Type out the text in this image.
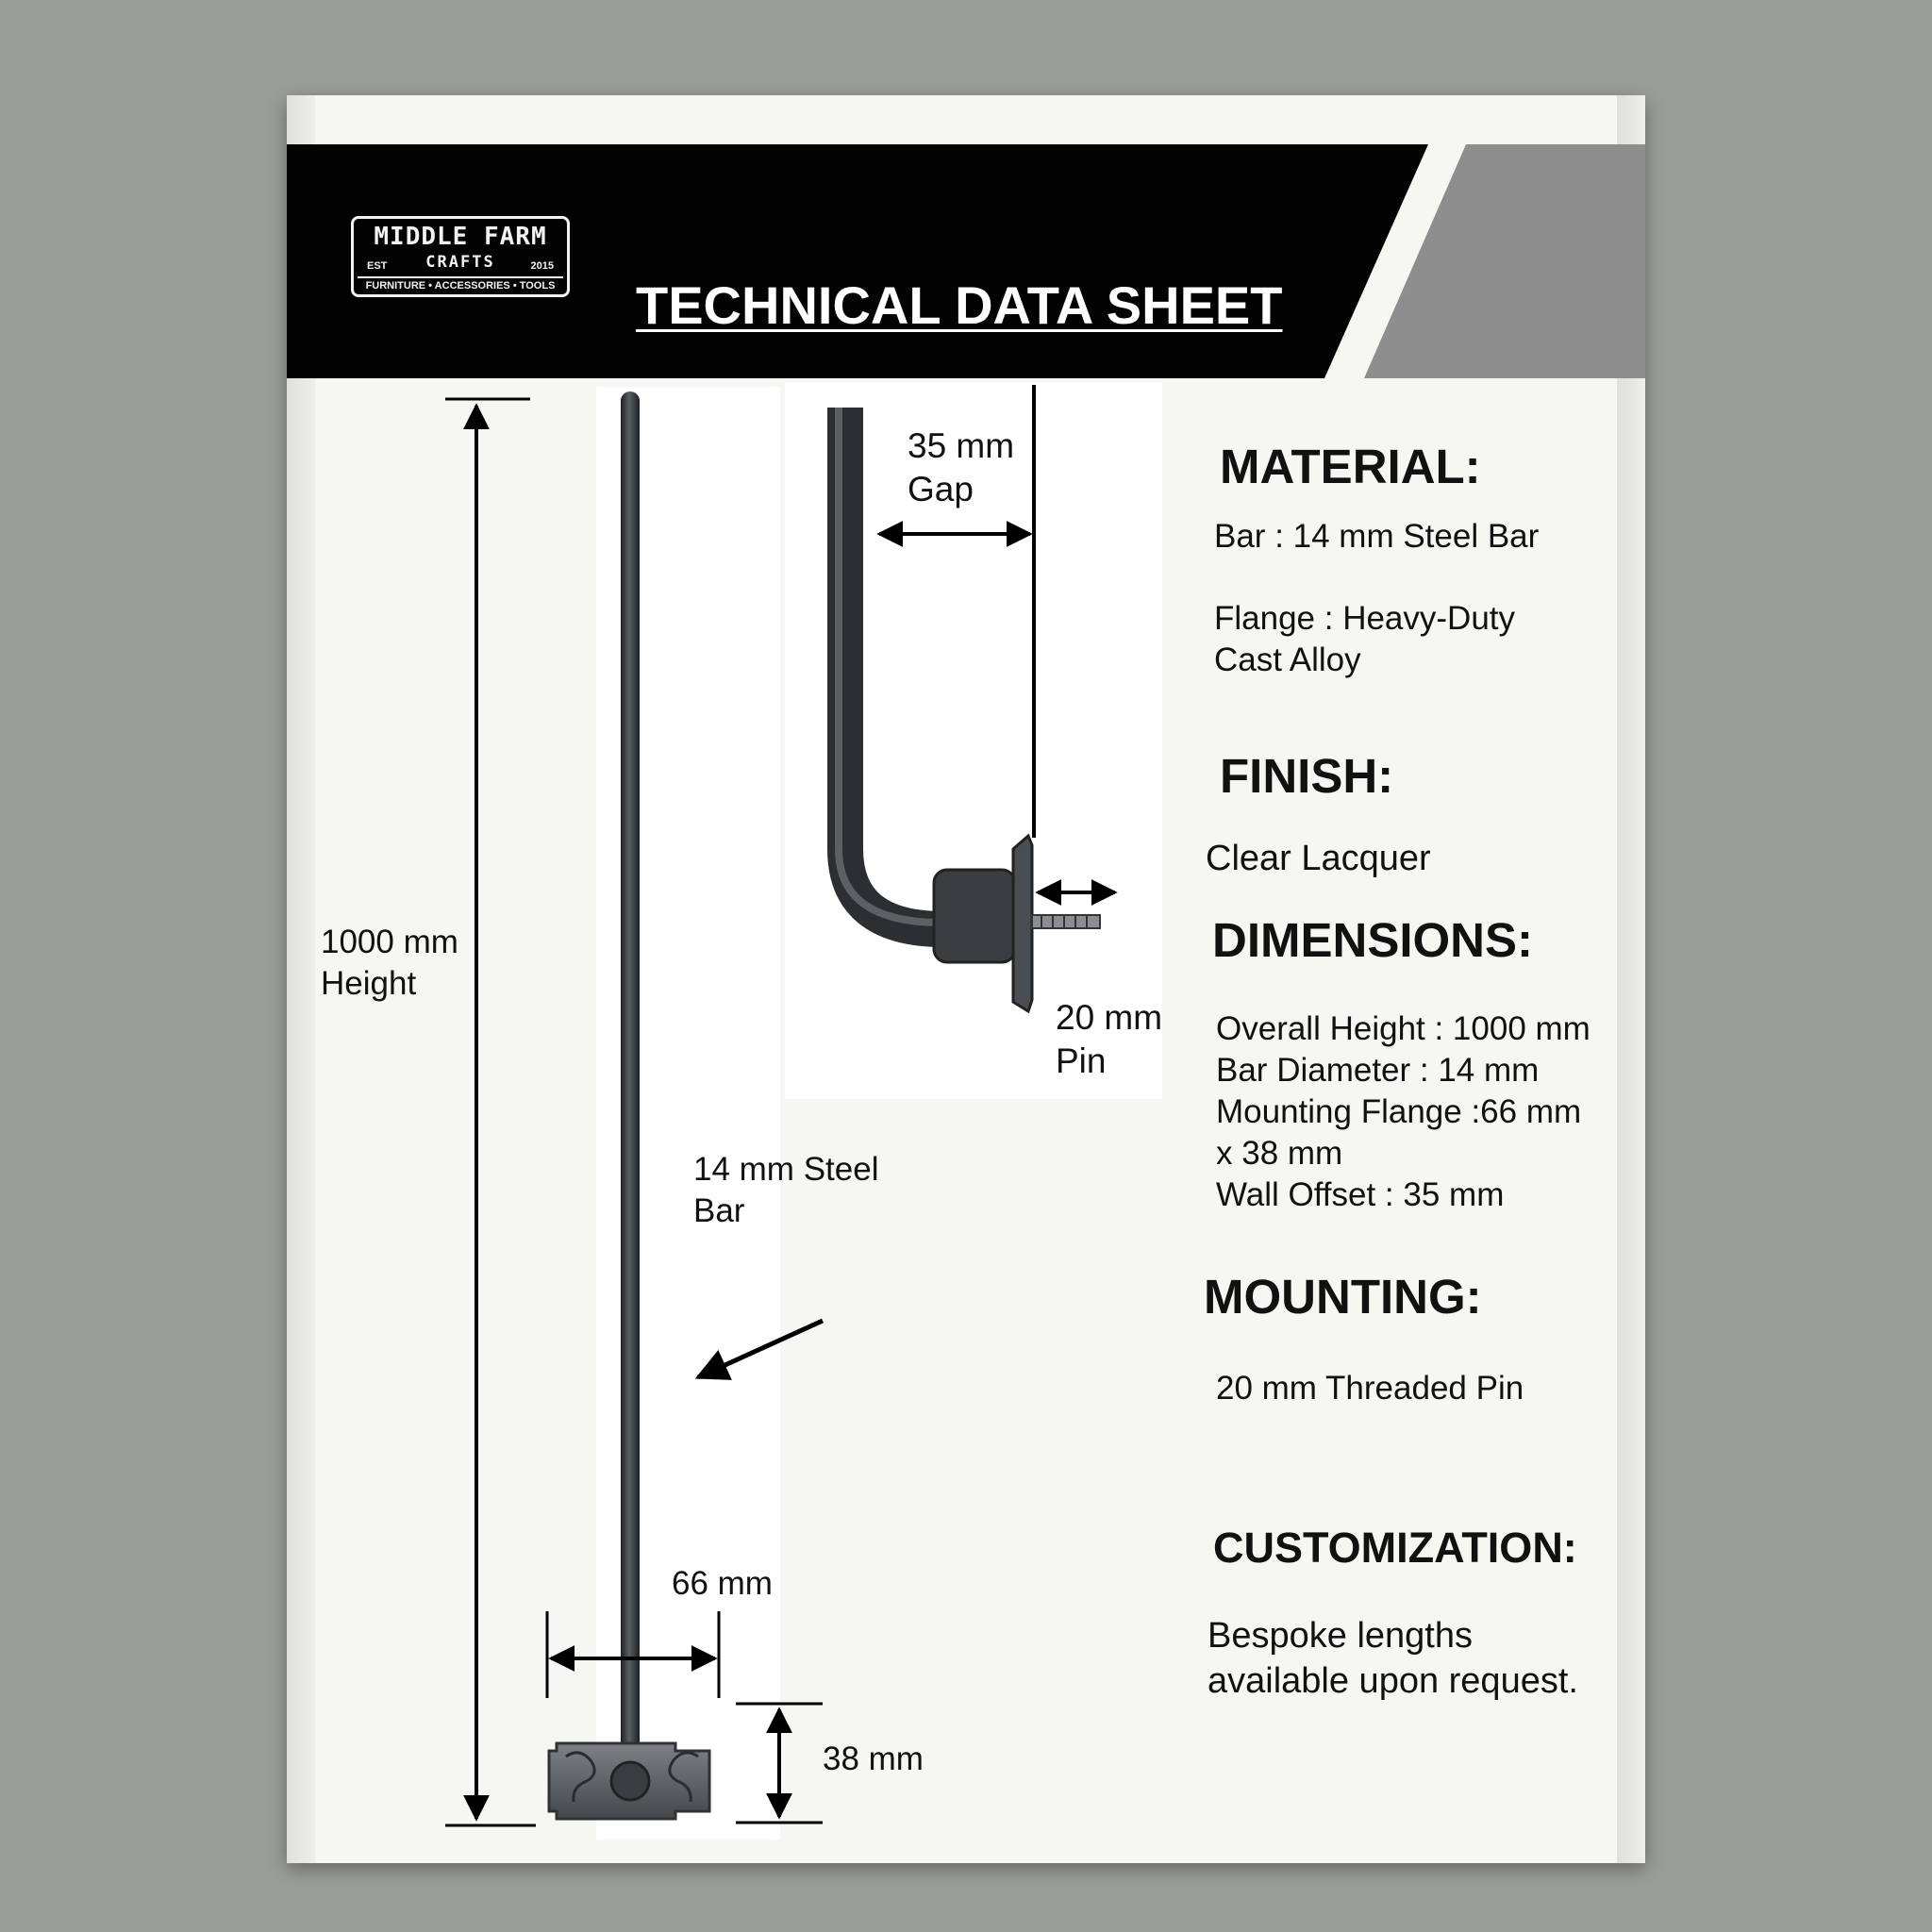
MIDDLE FARM
EST	CRAFTS	2015
FURNITURE • ACCESSORIES • TOOLS TECHNICAL DATA SHEET
1000 mm
Height
35 mm
Gap
20 mm
Pin
14 mm Steel
Bar
66 mm
38 mm
MATERIAL:
Bar : 14 mm Steel Bar
Flange : Heavy-Duty
Cast Alloy
FINISH:
Clear Lacquer
DIMENSIONS:
Overall Height : 1000 mm
Bar Diameter : 14 mm
Mounting Flange :66 mm
x 38 mm
Wall Offset : 35 mm
MOUNTING:
20 mm Threaded Pin
CUSTOMIZATION:
Bespoke lengths
available upon request.
